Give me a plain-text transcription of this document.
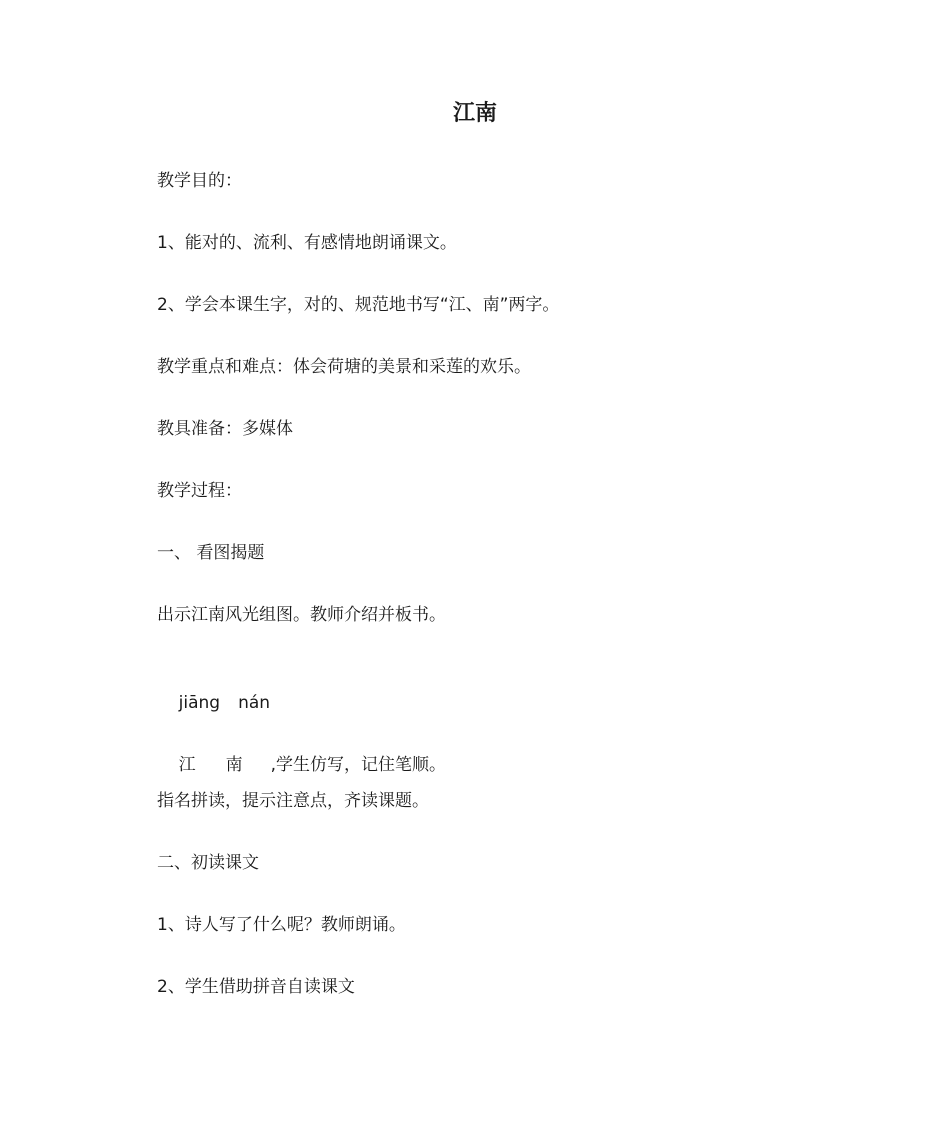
江南
教学目的：
1、能对的、流利、有感情地朗诵课文。
2、学会本课生字，对的、规范地书写“江、南”两字。
教学重点和难点：体会荷塘的美景和采莲的欢乐。
教具准备：多媒体
教学过程：
一、 看图揭题
出示江南风光组图。教师介绍并板书。

jiāng nán

江 南 ,学生仿写，记住笔顺。

指名拼读，提示注意点，齐读课题。
二、初读课文
1、诗人写了什么呢？教师朗诵。
2、学生借助拼音自读课文
